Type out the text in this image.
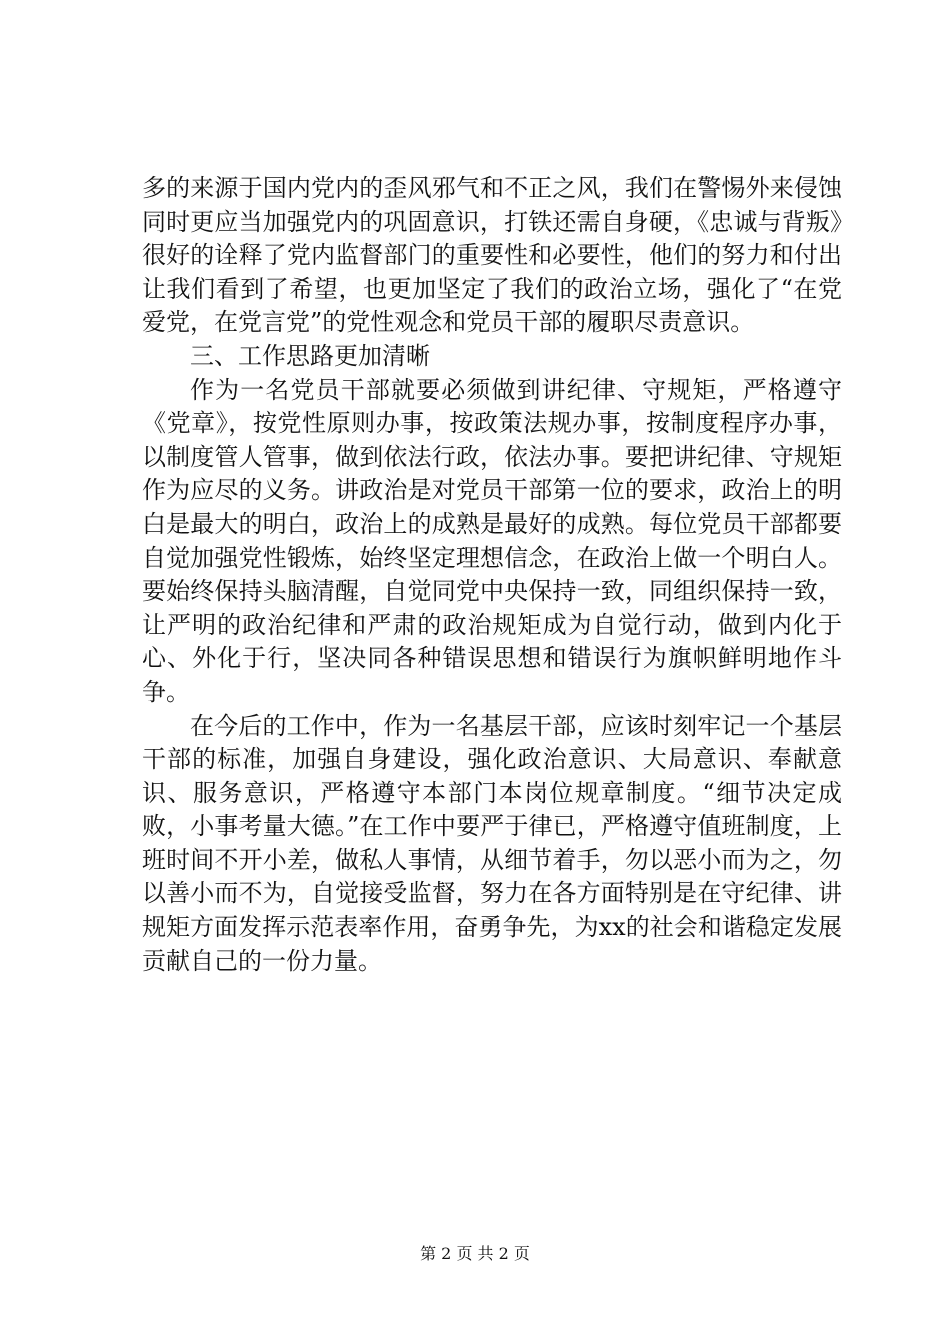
多的来源于国内党内的歪风邪气和不正之风，我们在警惕外来侵蚀同时更应当加强党内的巩固意识，打铁还需自身硬，《忠诚与背叛》很好的诠释了党内监督部门的重要性和必要性，他们的努力和付出让我们看到了希望，也更加坚定了我们的政治立场，强化了“在党爱党，在党言党”的党性观念和党员干部的履职尽责意识。

三、工作思路更加清晰

作为一名党员干部就要必须做到讲纪律、守规矩，严格遵守《党章》，按党性原则办事，按政策法规办事，按制度程序办事，以制度管人管事，做到依法行政，依法办事。要把讲纪律、守规矩作为应尽的义务。讲政治是对党员干部第一位的要求，政治上的明白是最大的明白，政治上的成熟是最好的成熟。每位党员干部都要自觉加强党性锻炼，始终坚定理想信念，在政治上做一个明白人。要始终保持头脑清醒，自觉同党中央保持一致，同组织保持一致，让严明的政治纪律和严肃的政治规矩成为自觉行动，做到内化于心、外化于行，坚决同各种错误思想和错误行为旗帜鲜明地作斗争。

在今后的工作中，作为一名基层干部，应该时刻牢记一个基层干部的标准，加强自身建设，强化政治意识、大局意识、奉献意识、服务意识，严格遵守本部门本岗位规章制度。“细节决定成败，小事考量大德。”在工作中要严于律已，严格遵守值班制度，上班时间不开小差，做私人事情，从细节着手，勿以恶小而为之，勿以善小而不为，自觉接受监督，努力在各方面特别是在守纪律、讲规矩方面发挥示范表率作用，奋勇争先，为xx的社会和谐稳定发展贡献自己的一份力量。

第 2 页 共 2 页
